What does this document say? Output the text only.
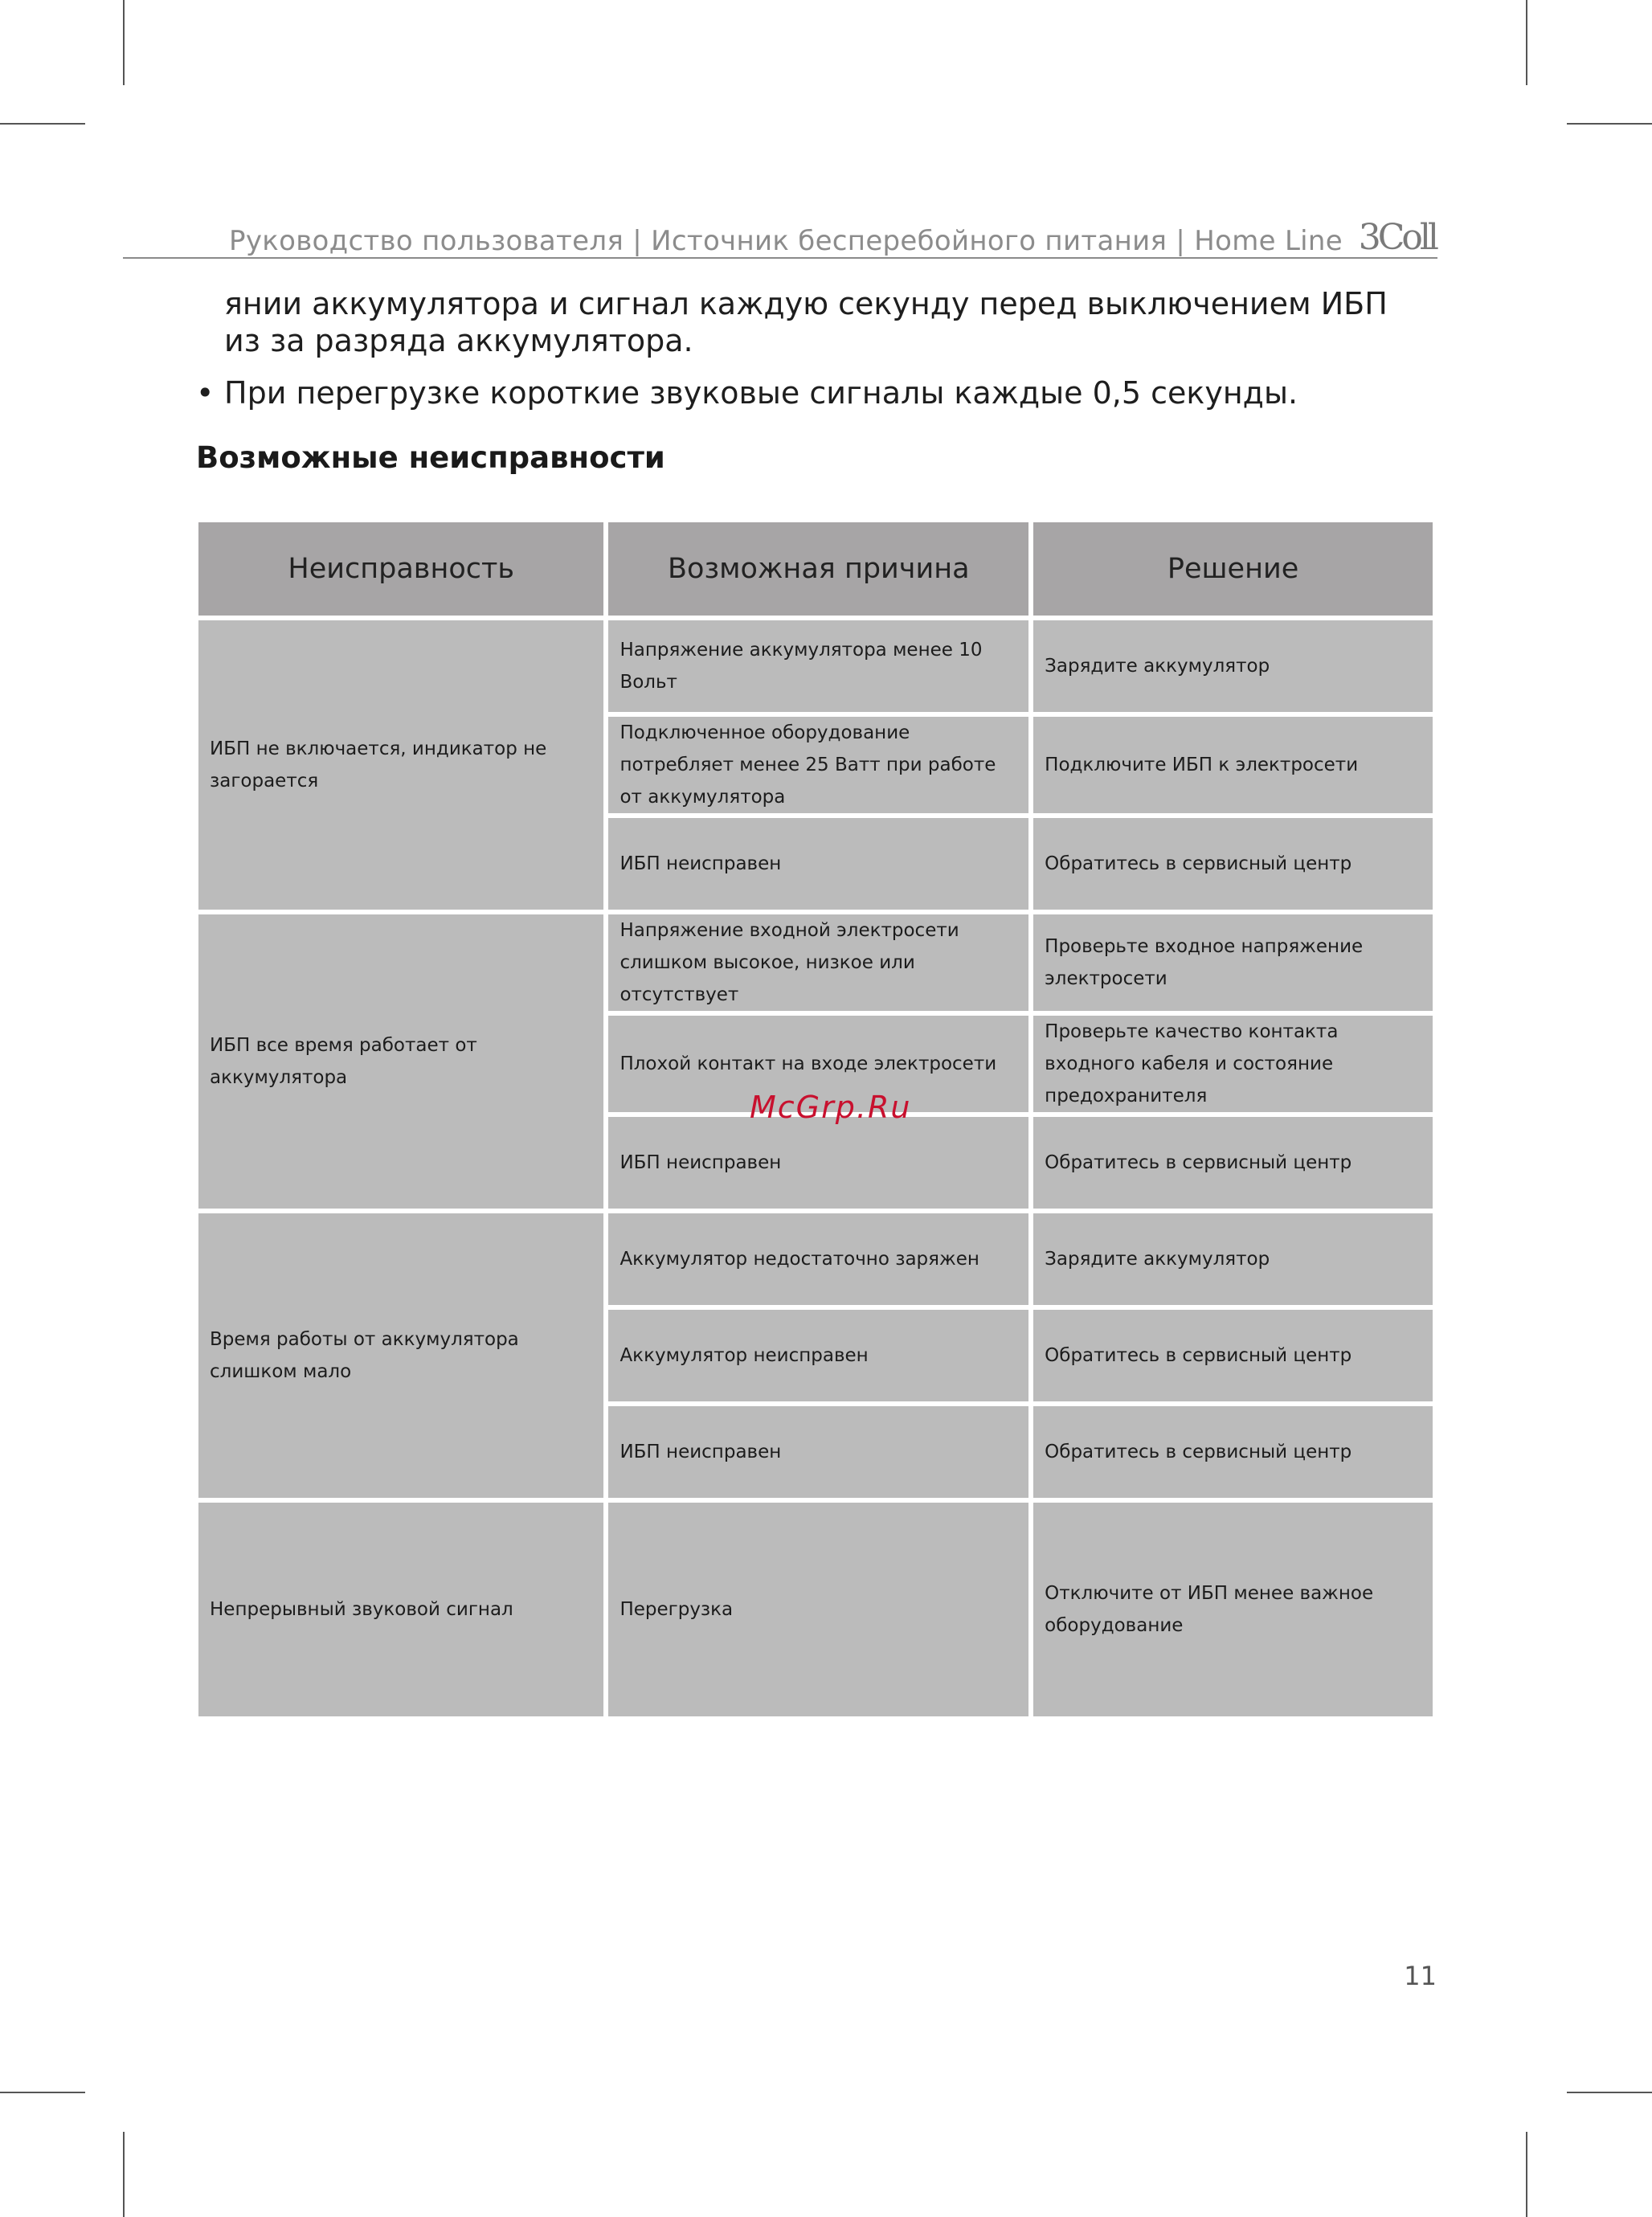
Руководство пользователя | Источник бесперебойного питания | Home Line 3Coll
янии аккумулятора и сигнал каждую секунду перед выключением ИБП из за разряда аккумулятора.
• При перегрузке короткие звуковые сигналы каждые 0,5 секунды.
Возможные неисправности
Неисправность	Возможная причина	Решение
ИБП не включается, индикатор не загорается	Напряжение аккумулятора менее 10 Вольт	Зарядите аккумулятор
	Подключенное оборудование потребляет менее 25 Ватт при работе от аккумулятора	Подключите ИБП к электросети
	ИБП неисправен	Обратитесь в сервисный центр
ИБП все время работает от аккумулятора	Напряжение входной электросети слишком высокое, низкое или отсутствует	Проверьте входное напряжение электросети
	Плохой контакт на входе электросети	Проверьте качество контакта входного кабеля и состояние предохранителя
	ИБП неисправен	Обратитесь в сервисный центр
Время работы от аккумулятора слишком мало	Аккумулятор недостаточно заряжен	Зарядите аккумулятор
	Аккумулятор неисправен	Обратитесь в сервисный центр
	ИБП неисправен	Обратитесь в сервисный центр
Непрерывный звуковой сигнал	Перегрузка	Отключите от ИБП менее важное оборудование
McGrp.Ru
11
